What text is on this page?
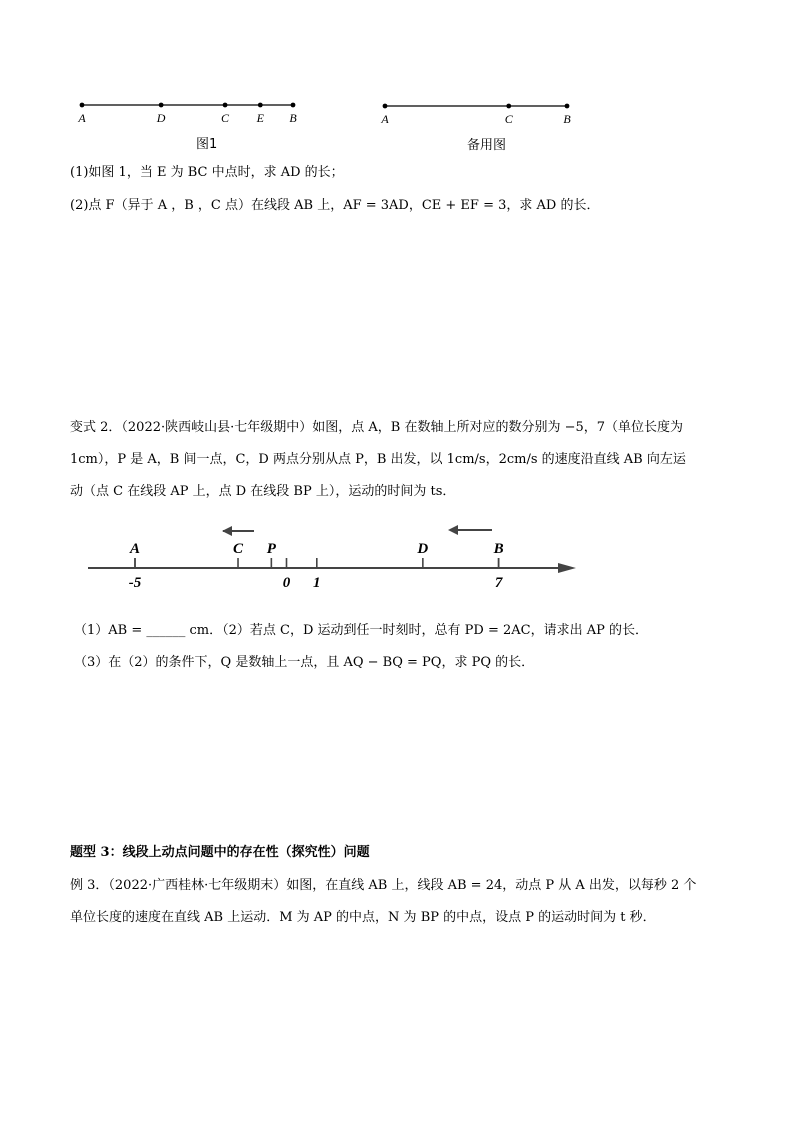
A	D	C E B
图1
A	C	B
备用图
(1)如图 1，当 E 为 BC 中点时，求 AD 的长；
(2)点 F（异于 A ，B ，C 点）在线段 AB 上，AF = 3AD，CE + EF = 3，求 AD 的长．
变式 2．（2022·陕西岐山县·七年级期中）如图，点 A，B 在数轴上所对应的数分别为 −5，7（单位长度为
1cm），P 是 A，B 间一点，C，D 两点分别从点 P，B 出发，以 1cm/s，2cm/s 的速度沿直线 AB 向左运
动（点 C 在线段 AP 上，点 D 在线段 BP 上），运动的时间为 ts．
A	C P	D	B
-5	0 1	7
（1）AB = ______ cm．（2）若点 C，D 运动到任一时刻时，总有 PD = 2AC，请求出 AP 的长．
（3）在（2）的条件下，Q 是数轴上一点，且 AQ − BQ = PQ，求 PQ 的长．
题型 3：线段上动点问题中的存在性（探究性）问题
例 3．（2022·广西桂林·七年级期末）如图，在直线 AB 上，线段 AB = 24，动点 P 从 A 出发，以每秒 2 个
单位长度的速度在直线 AB 上运动．M 为 AP 的中点，N 为 BP 的中点，设点 P 的运动时间为 t 秒．
